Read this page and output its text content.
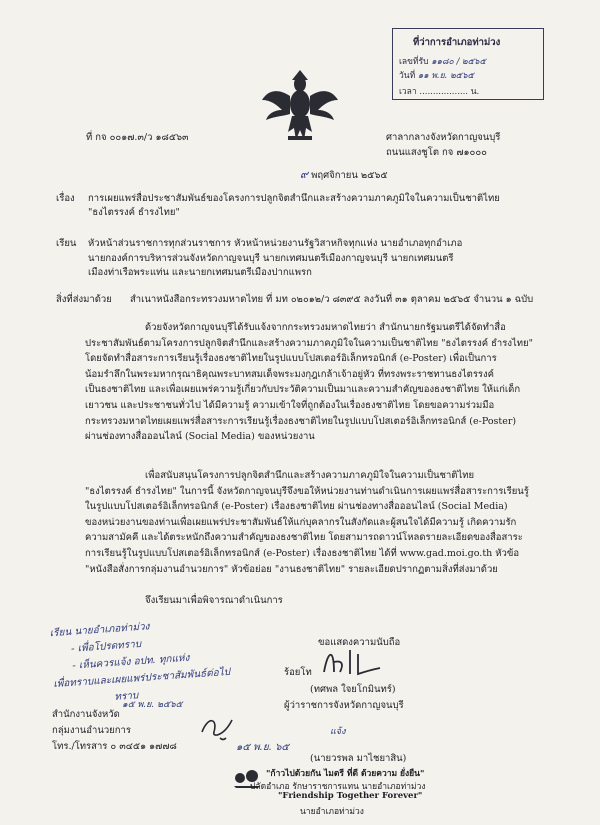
ที่ว่าการอำเภอท่าม่วง
เลขที่รับ ๑๑๘๐ / ๒๕๖๕
วันที่ ๑๑ พ.ย. ๒๕๖๕
เวลา .................. น.
ที่ กจ ๐๐๑๗.๓/ว ๑๘๕๖๓	ศาลากลางจังหวัดกาญจนบุรี
ถนนแสงชูโต กจ ๗๑๐๐๐
๙ พฤศจิกายน ๒๕๖๕
เรื่อง การเผยแพร่สื่อประชาสัมพันธ์ของโครงการปลูกจิตสำนึกและสร้างความภาคภูมิใจในความเป็นชาติไทย
"ธงไตรรงค์ ธำรงไทย"
เรียน หัวหน้าส่วนราชการทุกส่วนราชการ หัวหน้าหน่วยงานรัฐวิสาหกิจทุกแห่ง นายอำเภอทุกอำเภอ
นายกองค์การบริหารส่วนจังหวัดกาญจนบุรี นายกเทศมนตรีเมืองกาญจนบุรี นายกเทศมนตรี
เมืองท่าเรือพระแท่น และนายกเทศมนตรีเมืองปากแพรก
สิ่งที่ส่งมาด้วย สำเนาหนังสือกระทรวงมหาดไทย ที่ มท ๐๒๐๑๒/ว ๘๓๙๕ ลงวันที่ ๓๑ ตุลาคม ๒๕๖๕ จำนวน ๑ ฉบับ
ด้วยจังหวัดกาญจนบุรีได้รับแจ้งจากกระทรวงมหาดไทยว่า สำนักนายกรัฐมนตรีได้จัดทำสื่อ
ประชาสัมพันธ์ตามโครงการปลูกจิตสำนึกและสร้างความภาคภูมิใจในความเป็นชาติไทย "ธงไตรรงค์ ธำรงไทย"
โดยจัดทำสื่อสาระการเรียนรู้เรื่องธงชาติไทยในรูปแบบโปสเตอร์อิเล็กทรอนิกส์ (e-Poster) เพื่อเป็นการ
น้อมรำลึกในพระมหากรุณาธิคุณพระบาทสมเด็จพระมงกุฎเกล้าเจ้าอยู่หัว ที่ทรงพระราชทานธงไตรรงค์
เป็นธงชาติไทย และเพื่อเผยแพร่ความรู้เกี่ยวกับประวัติความเป็นมาและความสำคัญของธงชาติไทย ให้แก่เด็ก
เยาวชน และประชาชนทั่วไป ได้มีความรู้ ความเข้าใจที่ถูกต้องในเรื่องธงชาติไทย โดยขอความร่วมมือ
กระทรวงมหาดไทยเผยแพร่สื่อสาระการเรียนรู้เรื่องธงชาติไทยในรูปแบบโปสเตอร์อิเล็กทรอนิกส์ (e-Poster)
ผ่านช่องทางสื่อออนไลน์ (Social Media) ของหน่วยงาน
เพื่อสนับสนุนโครงการปลูกจิตสำนึกและสร้างความภาคภูมิใจในความเป็นชาติไทย
"ธงไตรรงค์ ธำรงไทย" ในการนี้ จังหวัดกาญจนบุรีจึงขอให้หน่วยงานท่านดำเนินการเผยแพร่สื่อสาระการเรียนรู้
ในรูปแบบโปสเตอร์อิเล็กทรอนิกส์ (e-Poster) เรื่องธงชาติไทย ผ่านช่องทางสื่อออนไลน์ (Social Media)
ของหน่วยงานของท่านเพื่อเผยแพร่ประชาสัมพันธ์ให้แก่บุคลากรในสังกัดและผู้สนใจได้มีความรู้ เกิดความรัก
ความสามัคคี และได้ตระหนักถึงความสำคัญของธงชาติไทย โดยสามารถดาวน์โหลดรายละเอียดของสื่อสาระ
การเรียนรู้ในรูปแบบโปสเตอร์อิเล็กทรอนิกส์ (e-Poster) เรื่องธงชาติไทย ได้ที่ www.gad.moi.go.th หัวข้อ
"หนังสือสั่งการกลุ่มงานอำนวยการ" หัวข้อย่อย "งานธงชาติไทย" รายละเอียดปรากฏตามสิ่งที่ส่งมาด้วย
จึงเรียนมาเพื่อพิจารณาดำเนินการ
เรียน นายอำเภอท่าม่วง
- เพื่อโปรดทราบ
- เห็นควรแจ้ง อปท. ทุกแห่ง
เพื่อทราบและเผยแพร่ประชาสัมพันธ์ต่อไป
ทราบ
ขอแสดงความนับถือ
ร้อยโท
(ทศพล ใจยโกมินทร์)
ผู้ว่าราชการจังหวัดกาญจนบุรี
สำนักงานจังหวัด
๑๕ พ.ย. ๒๕๖๕
กลุ่มงานอำนวยการ
โทร./โทรสาร ๐ ๓๔๕๑ ๑๗๗๘	๑๕ พ.ย. ๖๕
แจ้ง
(นายวรพล มาไชยาสิน)
"ก้าวไปด้วยกัน ไมตรี ที่ดี ด้วยความ ยั่งยืน"
ปลัดอำเภอ รักษาราชการแทน นายอำเภอท่าม่วง
"Friendship Together Forever"
นายอำเภอท่าม่วง
